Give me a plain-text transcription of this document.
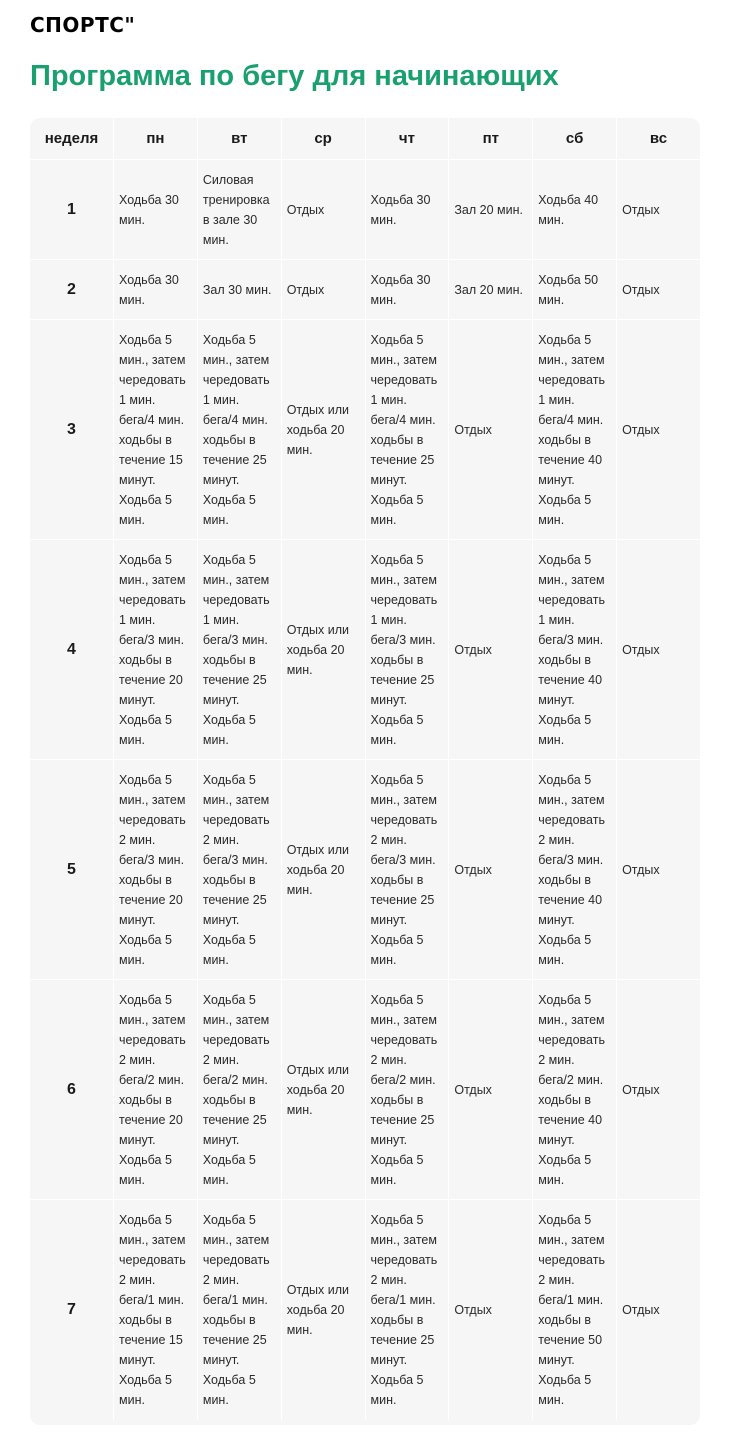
СПОРТС"
Программа по бегу для начинающих
неделя	пн	вт	ср	чт	пт	сб	вс
1	Ходьба 30 мин.	Силовая тренировка в зале 30 мин.	Отдых	Ходьба 30 мин.	Зал 20 мин.	Ходьба 40 мин.	Отдых
2	Ходьба 30 мин.	Зал 30 мин.	Отдых	Ходьба 30 мин.	Зал 20 мин.	Ходьба 50 мин.	Отдых
3	Ходьба 5 мин., затем чередовать 1 мин. бега/4 мин. ходьбы в течение 15 минут. Ходьба 5 мин.	Ходьба 5 мин., затем чередовать 1 мин. бега/4 мин. ходьбы в течение 25 минут. Ходьба 5 мин.	Отдых или ходьба 20 мин.	Ходьба 5 мин., затем чередовать 1 мин. бега/4 мин. ходьбы в течение 25 минут. Ходьба 5 мин.	Отдых	Ходьба 5 мин., затем чередовать 1 мин. бега/4 мин. ходьбы в течение 40 минут. Ходьба 5 мин.	Отдых
4	Ходьба 5 мин., затем чередовать 1 мин. бега/3 мин. ходьбы в течение 20 минут. Ходьба 5 мин.	Ходьба 5 мин., затем чередовать 1 мин. бега/3 мин. ходьбы в течение 25 минут. Ходьба 5 мин.	Отдых или ходьба 20 мин.	Ходьба 5 мин., затем чередовать 1 мин. бега/3 мин. ходьбы в течение 25 минут. Ходьба 5 мин.	Отдых	Ходьба 5 мин., затем чередовать 1 мин. бега/3 мин. ходьбы в течение 40 минут. Ходьба 5 мин.	Отдых
5	Ходьба 5 мин., затем чередовать 2 мин. бега/3 мин. ходьбы в течение 20 минут. Ходьба 5 мин.	Ходьба 5 мин., затем чередовать 2 мин. бега/3 мин. ходьбы в течение 25 минут. Ходьба 5 мин.	Отдых или ходьба 20 мин.	Ходьба 5 мин., затем чередовать 2 мин. бега/3 мин. ходьбы в течение 25 минут. Ходьба 5 мин.	Отдых	Ходьба 5 мин., затем чередовать 2 мин. бега/3 мин. ходьбы в течение 40 минут. Ходьба 5 мин.	Отдых
6	Ходьба 5 мин., затем чередовать 2 мин. бега/2 мин. ходьбы в течение 20 минут. Ходьба 5 мин.	Ходьба 5 мин., затем чередовать 2 мин. бега/2 мин. ходьбы в течение 25 минут. Ходьба 5 мин.	Отдых или ходьба 20 мин.	Ходьба 5 мин., затем чередовать 2 мин. бега/2 мин. ходьбы в течение 25 минут. Ходьба 5 мин.	Отдых	Ходьба 5 мин., затем чередовать 2 мин. бега/2 мин. ходьбы в течение 40 минут. Ходьба 5 мин.	Отдых
7	Ходьба 5 мин., затем чередовать 2 мин. бега/1 мин. ходьбы в течение 15 минут. Ходьба 5 мин.	Ходьба 5 мин., затем чередовать 2 мин. бега/1 мин. ходьбы в течение 25 минут. Ходьба 5 мин.	Отдых или ходьба 20 мин.	Ходьба 5 мин., затем чередовать 2 мин. бега/1 мин. ходьбы в течение 25 минут. Ходьба 5 мин.	Отдых	Ходьба 5 мин., затем чередовать 2 мин. бега/1 мин. ходьбы в течение 50 минут. Ходьба 5 мин.	Отдых
